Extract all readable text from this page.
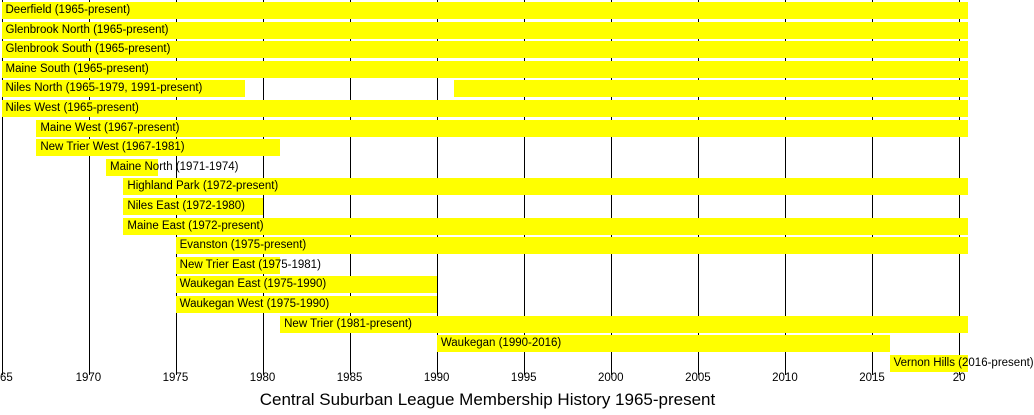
Deerfield (1965-present)
Glenbrook North (1965-present)
Glenbrook South (1965-present)
Maine South (1965-present)
Niles North (1965-1979, 1991-present)
Niles West (1965-present)
Maine West (1967-present)
New Trier West (1967-1981)
Maine North (1971-1974)
Highland Park (1972-present)
Niles East (1972-1980)
Maine East (1972-present)
Evanston (1975-present)
New Trier East (1975-1981)
Waukegan East (1975-1990)
Waukegan West (1975-1990)
New Trier (1981-present)
Waukegan (1990-2016)
Vernon Hills (2016-present)
65	1970	1975	1980	1985	1990	1995	2000	2005	2010	2015	20
Central Suburban League Membership History 1965-present
